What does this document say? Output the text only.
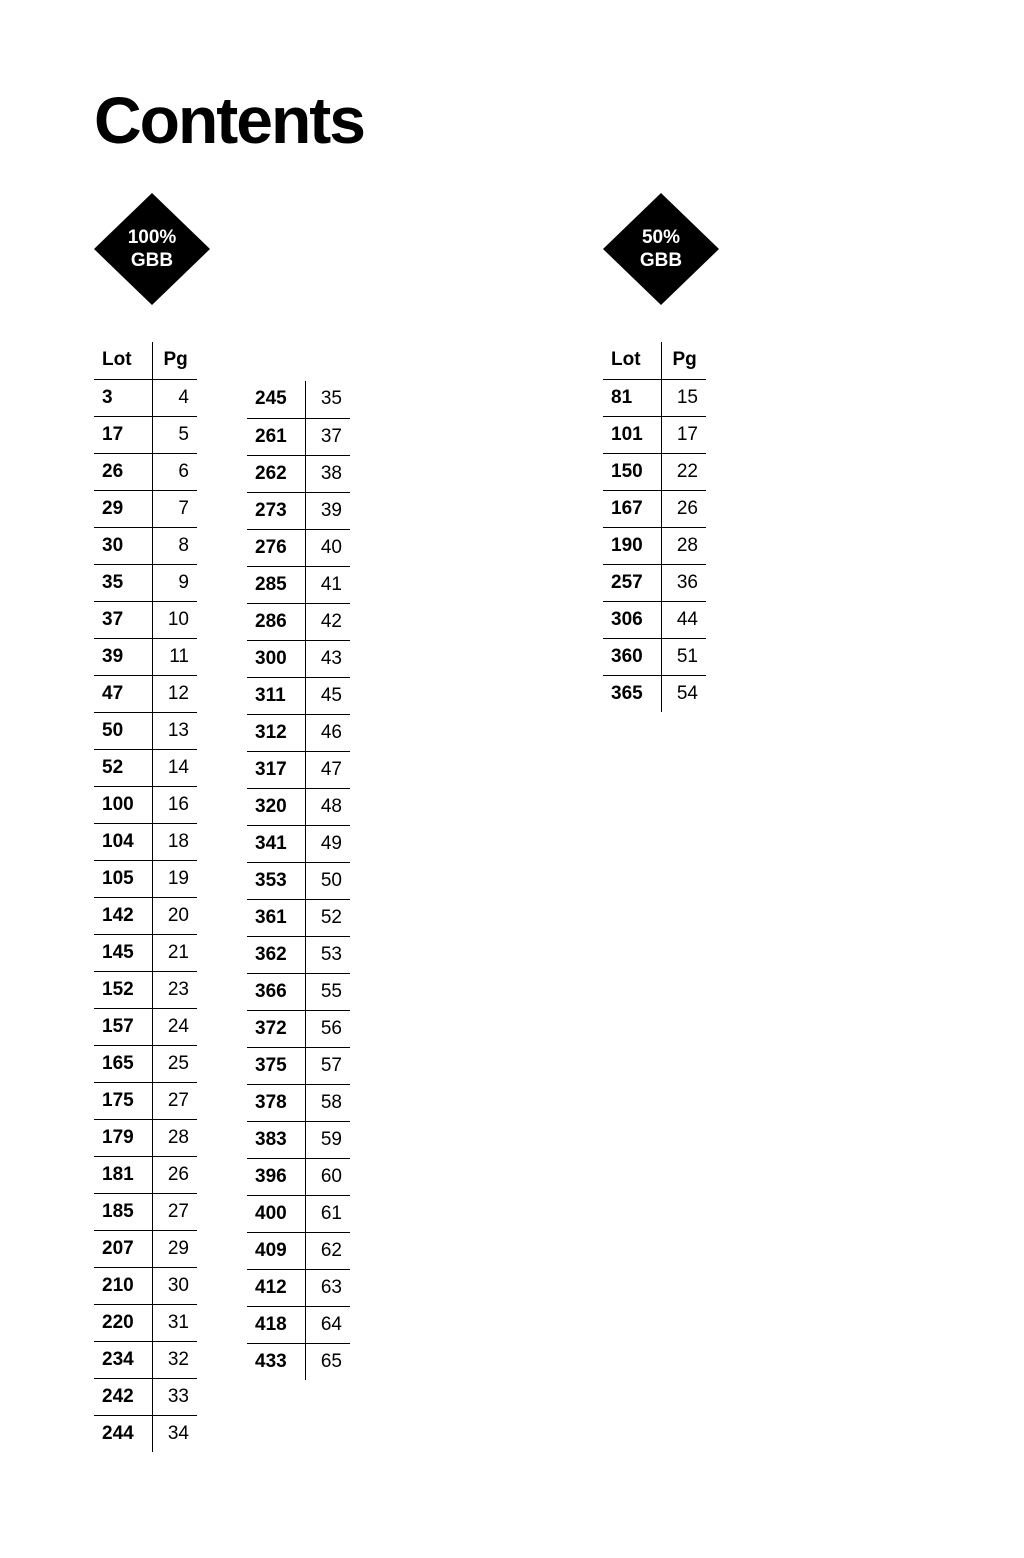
Contents
100%
GBB
50%
GBB
Lot	Pg
3	4
17	5
26	6
29	7
30	8
35	9
37	10
39	11
47	12
50	13
52	14
100	16
104	18
105	19
142	20
145	21
152	23
157	24
165	25
175	27
179	28
181	26
185	27
207	29
210	30
220	31
234	32
242	33
244	34
245	35
261	37
262	38
273	39
276	40
285	41
286	42
300	43
311	45
312	46
317	47
320	48
341	49
353	50
361	52
362	53
366	55
372	56
375	57
378	58
383	59
396	60
400	61
409	62
412	63
418	64
433	65
Lot	Pg
81	15
101	17
150	22
167	26
190	28
257	36
306	44
360	51
365	54
